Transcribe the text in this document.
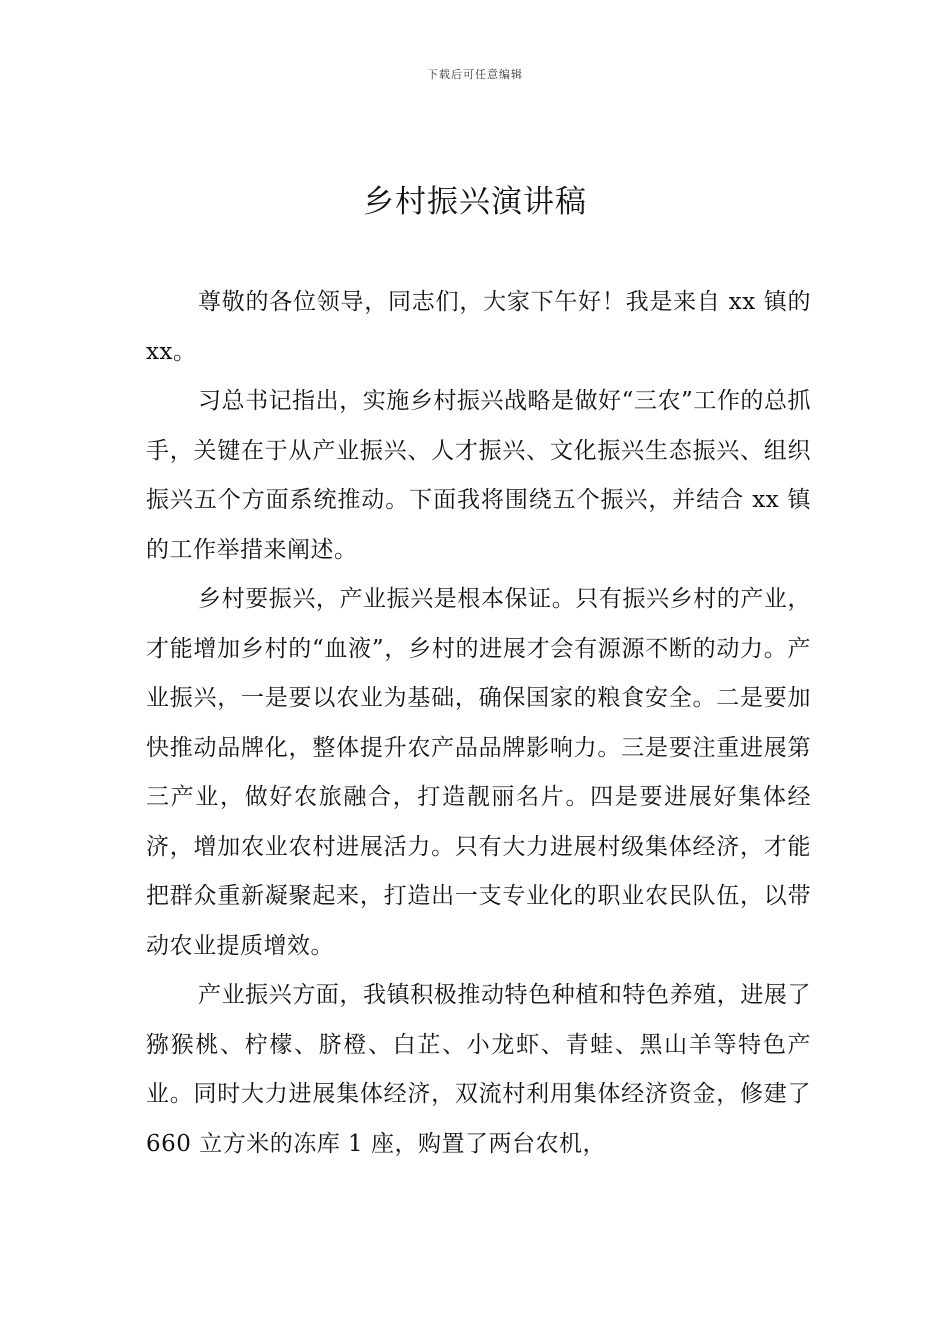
下载后可任意编辑
乡村振兴演讲稿

尊敬的各位领导，同志们，大家下午好！我是来自 xx 镇的 xx。

习总书记指出，实施乡村振兴战略是做好“三农”工作的总抓手，关键在于从产业振兴、人才振兴、文化振兴生态振兴、组织振兴五个方面系统推动。下面我将围绕五个振兴，并结合 xx 镇的工作举措来阐述。

乡村要振兴，产业振兴是根本保证。只有振兴乡村的产业，才能增加乡村的“血液”，乡村的进展才会有源源不断的动力。产业振兴，一是要以农业为基础，确保国家的粮食安全。二是要加快推动品牌化，整体提升农产品品牌影响力。三是要注重进展第三产业，做好农旅融合，打造靓丽名片。四是要进展好集体经济，增加农业农村进展活力。只有大力进展村级集体经济，才能把群众重新凝聚起来，打造出一支专业化的职业农民队伍，以带动农业提质增效。

产业振兴方面，我镇积极推动特色种植和特色养殖，进展了猕猴桃、柠檬、脐橙、白芷、小龙虾、青蛙、黑山羊等特色产业。同时大力进展集体经济，双流村利用集体经济资金，修建了 660 立方米的冻库 1 座，购置了两台农机，
